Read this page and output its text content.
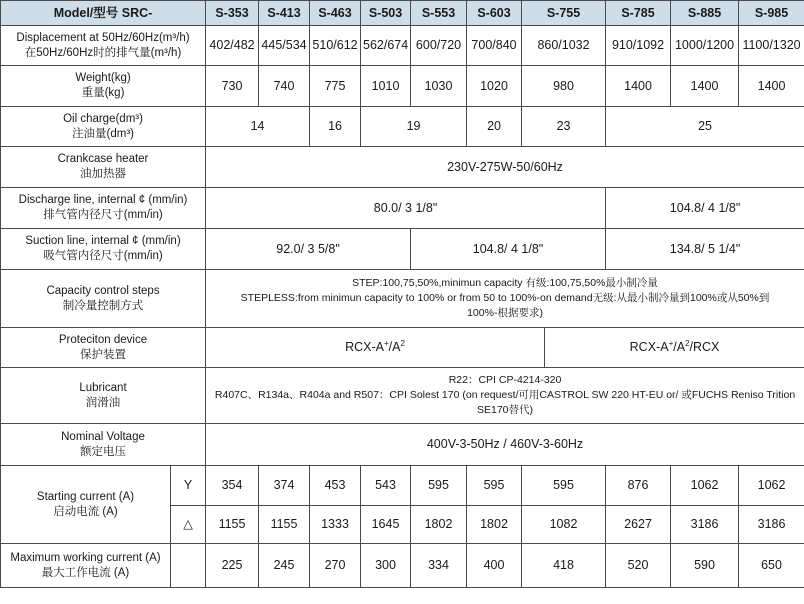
Model/型号 SRC-		S-353	S-413	S-463	S-503	S-553	S-603	S-755		S-785	S-885	S-985

Displacement at 50Hz/60Hz(m³/h)
在50Hz/60Hz时的排气量(m³/h)		402/482	445/534	510/612	562/674	600/720	700/840	860/1032		910/1092	1000/1200	1100/1320

Weight(kg)
重量(kg)		730	740	775	1010	1030	1020	980		1400	1400	1400

Oil charge(dm³)
注油量(dm³)		14		16	19		20	23		25		

Crankcase heater
油加热器		230V-275W-50/60Hz										

Discharge line, internal ¢ (mm/in)
排气管内径尺寸(mm/in)		80.0/ 3 1/8"								104.8/ 4 1/8"		

Suction line, internal ¢ (mm/in)
吸气管内径尺寸(mm/in)		92.0/ 3 5/8"				104.8/ 4 1/8"				134.8/ 5 1/4"		

Capacity control steps
制冷量控制方式

STEP:100,75,50%,minimun capacity 有级:100,75,50%最小制冷量
STEPLESS:from minimun capacity to 100% or from 50 to 100%-on demand无级:从最小制冷量到100%或从50%到
100%-根据要求)

Proteciton device
保护装置		RCX-$A^+/A^2$							RCX-$A^+/A^2$/RCX			

Lubricant
润滑油

R22：CPI CP-4214-320
R407C、R134a、R404a and R507：CPI Solest 170 (on request/可用CASTROL SW 220 HT-EU or/ 或FUCHS Reniso Trition
SE170替代)

Nominal Voltage
额定电压		400V-3-50Hz / 460V-3-60Hz										

Starting current (A)
启动电流 (A)	Y	354	374	453	543	595	595	595		876	1062	1062
	△	1155	1155	1333	1645	1802	1802	1082		2627	3186	3186

Maximum working current (A)
最大工作电流 (A)		225	245	270	300	334	400	418		520	590	650
